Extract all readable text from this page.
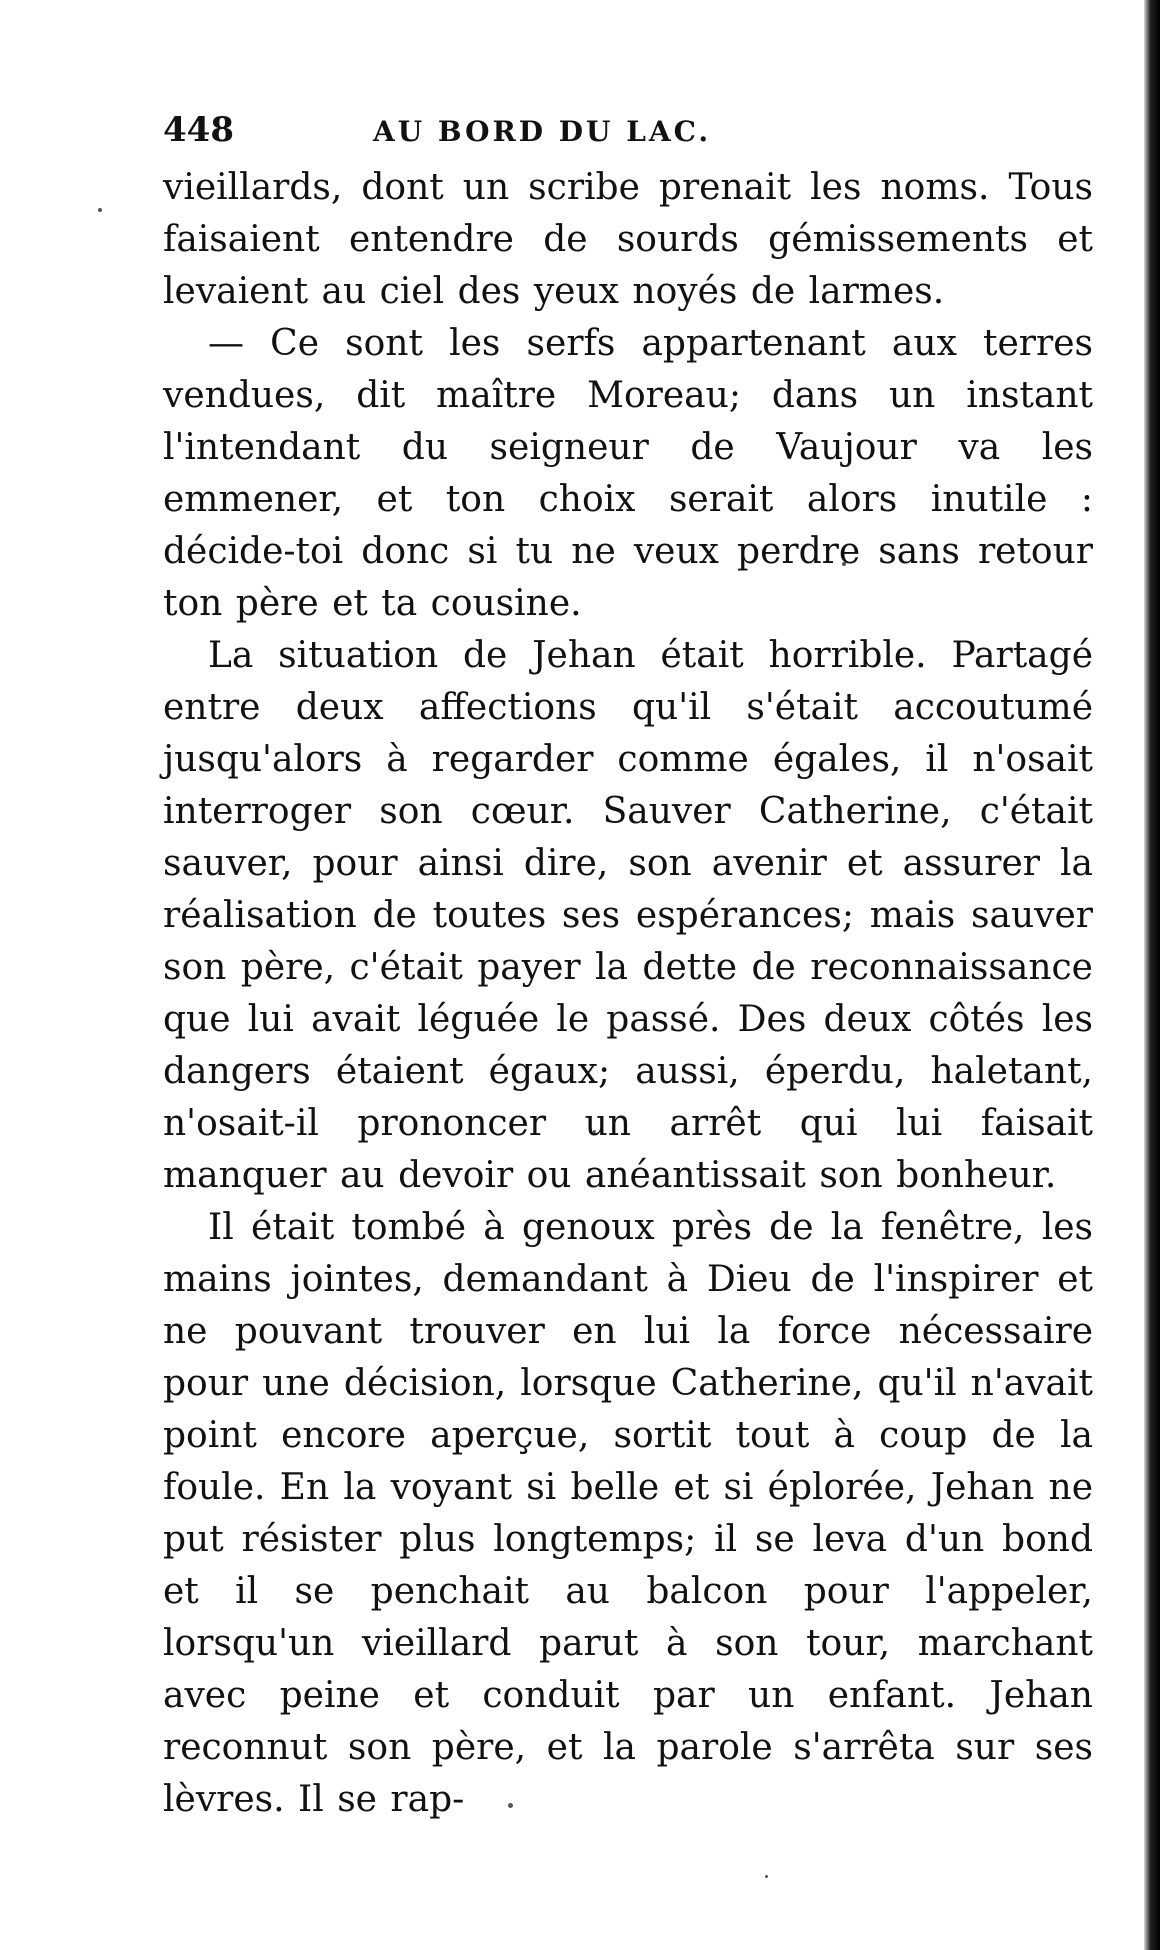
448	AU BORD DU LAC.

vieillards, dont un scribe prenait les noms. Tous faisaient entendre de sourds gémissements et levaient au ciel des yeux noyés de larmes.

— Ce sont les serfs appartenant aux terres vendues, dit maître Moreau; dans un instant l'intendant du seigneur de Vaujour va les emmener, et ton choix serait alors inutile : décide-toi donc si tu ne veux perdre sans retour ton père et ta cousine.

La situation de Jehan était horrible. Partagé entre deux affections qu'il s'était accoutumé jusqu'alors à regarder comme égales, il n'osait interroger son cœur. Sauver Catherine, c'était sauver, pour ainsi dire, son avenir et assurer la réalisation de toutes ses espérances; mais sauver son père, c'était payer la dette de reconnaissance que lui avait léguée le passé. Des deux côtés les dangers étaient égaux; aussi, éperdu, haletant, n'osait-il prononcer un arrêt qui lui faisait manquer au devoir ou anéantissait son bonheur.

Il était tombé à genoux près de la fenêtre, les mains jointes, demandant à Dieu de l'inspirer et ne pouvant trouver en lui la force nécessaire pour une décision, lorsque Catherine, qu'il n'avait point encore aperçue, sortit tout à coup de la foule. En la voyant si belle et si éplorée, Jehan ne put résister plus longtemps; il se leva d'un bond et il se penchait au balcon pour l'appeler, lorsqu'un vieillard parut à son tour, marchant avec peine et conduit par un enfant. Jehan reconnut son père, et la parole s'arrêta sur ses lèvres. Il se rap-
